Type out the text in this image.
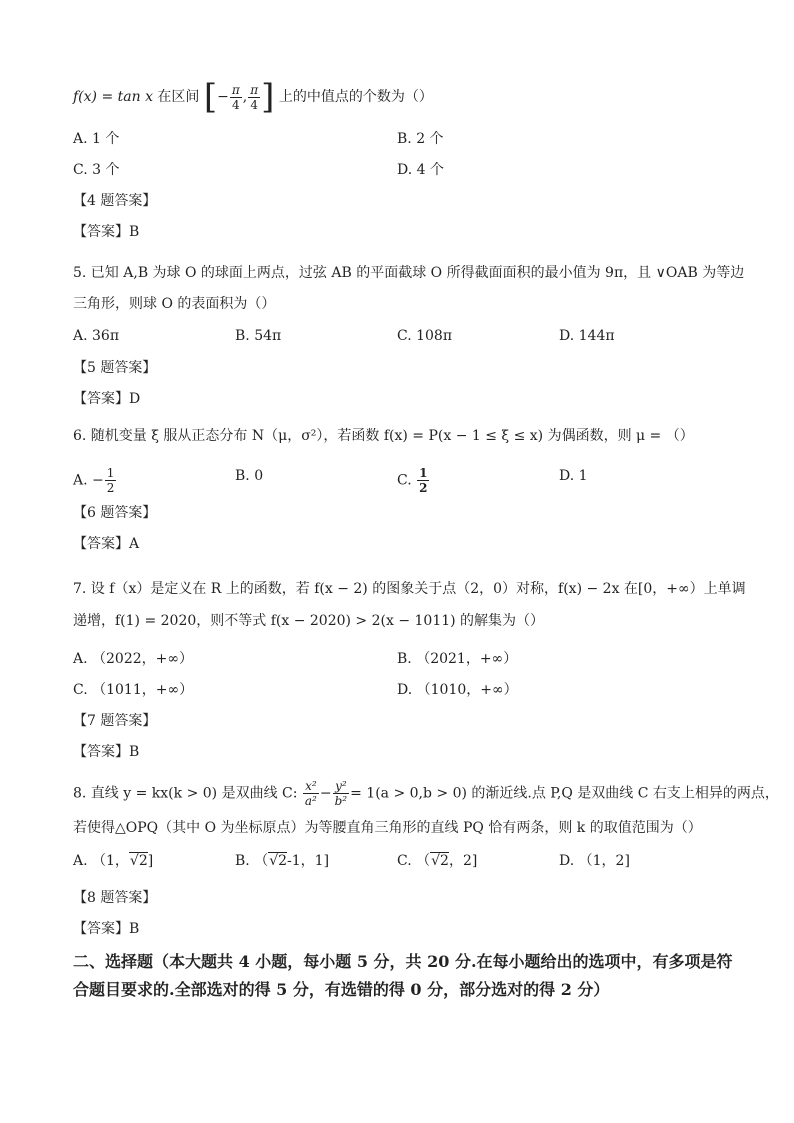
f(x) = tan x 在区间 [− $\frac{\pi}{4}$ , $\frac{\pi}{4}$ ] 上的中值点的个数为（）
A. 1 个	B. 2 个
C. 3 个	D. 4 个
【4 题答案】
【答案】B
5. 已知 A,B 为球 O 的球面上两点，过弦 AB 的平面截球 O 所得截面面积的最小值为 9π，且 ∨OAB 为等边
三角形，则球 O 的表面积为（）
A. 36π	B. 54π	C. 108π	D. 144π
【5 题答案】
【答案】D
6. 随机变量 ξ 服从正态分布 N（μ，σ²），若函数 f(x) = P(x − 1 ≤ ξ ≤ x) 为偶函数，则 μ = （）
A. − $\frac{1}{2}$	B. 0	C. $\frac{1}{2}$	D. 1
【6 题答案】
【答案】A
7. 设 f（x）是定义在 R 上的函数，若 f(x − 2) 的图象关于点（2，0）对称，f(x) − 2x 在[0，+∞）上单调
递增，f(1) = 2020，则不等式 f(x − 2020) > 2(x − 1011) 的解集为（）
A. （2022，+∞）	B. （2021，+∞）
C. （1011，+∞）	D. （1010，+∞）
【7 题答案】
【答案】B
8. 直线 y = kx(k > 0) 是双曲线 C: $\frac{\text{x²}}{\text{a²}} - \frac{\text{y²}}{\text{b²}} = 1(a > 0,b > 0)$ 的渐近线.点 P,Q 是双曲线 C 右支上相异的两点，
若使得△OPQ（其中 O 为坐标原点）为等腰直角三角形的直线 PQ 恰有两条，则 k 的取值范围为（）
A. （1，√2]	B. （√2-1，1]	C. （√2，2]	D. （1，2]
【8 题答案】
【答案】B
二、选择题（本大题共 4 小题，每小题 5 分，共 20 分.在每小题给出的选项中，有多项是符合题目要求的.全部选对的得 5 分，有选错的得 0 分，部分选对的得 2 分）
